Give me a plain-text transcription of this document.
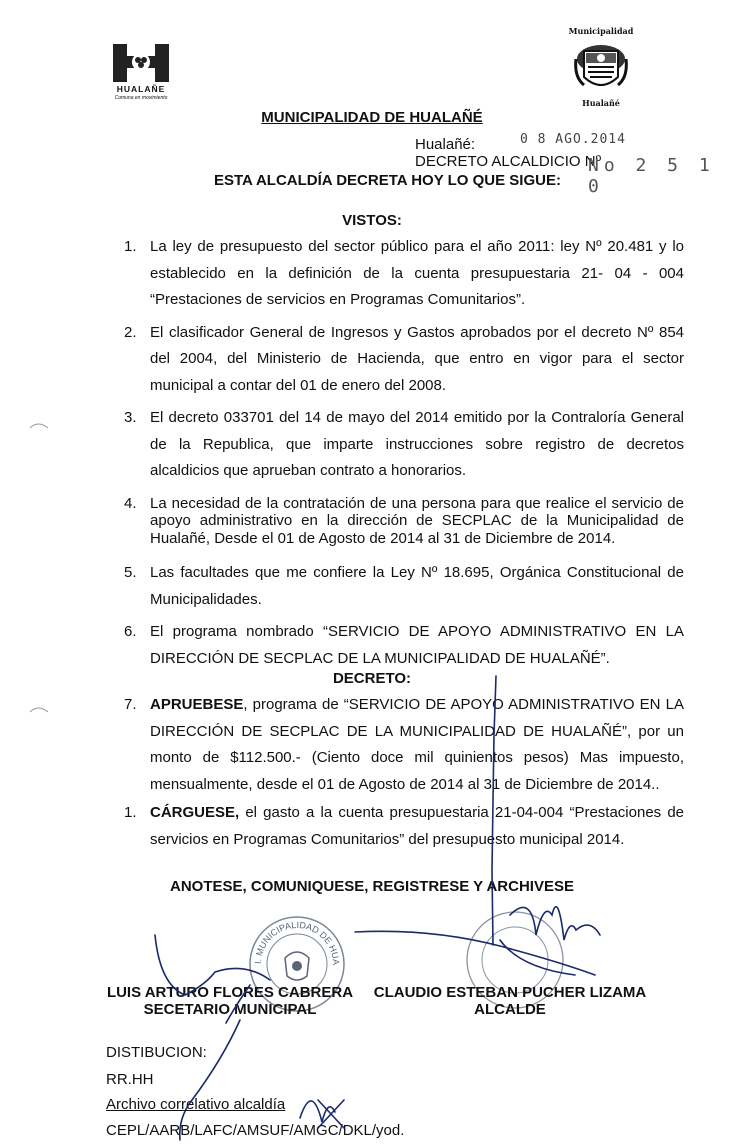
HUALAÑE
Comuna en movimiento
Municipalidad
Hualañé
MUNICIPALIDAD DE HUALAÑÉ
Hualañé:	0 8 AGO.2014
DECRETO ALCALDICIO Nº
No 2 5 1 0
ESTA ALCALDÍA DECRETA HOY LO QUE SIGUE:
VISTOS:
1. La ley de presupuesto del sector público para el año 2011: ley Nº 20.481 y lo establecido en la definición de la cuenta presupuestaria 21- 04 - 004 “Prestaciones de servicios en Programas Comunitarios”.
2. El clasificador General de Ingresos y Gastos aprobados por el decreto Nº 854 del 2004, del Ministerio de Hacienda, que entro en vigor para el sector municipal a contar del 01 de enero del 2008.
3. El decreto 033701 del 14 de mayo del 2014 emitido por la Contraloría General de la Republica, que imparte instrucciones sobre registro de decretos alcaldicios que aprueban contrato a honorarios.
4. La necesidad de la contratación de una persona para que realice el servicio de apoyo administrativo en la dirección de SECPLAC de la Municipalidad de Hualañé, Desde el 01 de Agosto de 2014 al 31 de Diciembre de 2014.
5. Las facultades que me confiere la Ley Nº 18.695, Orgánica Constitucional de Municipalidades.
6. El programa nombrado “SERVICIO DE APOYO ADMINISTRATIVO EN LA DIRECCIÓN DE SECPLAC DE LA MUNICIPALIDAD DE HUALAÑÉ”.
DECRETO:
7. APRUEBESE, programa de “SERVICIO DE APOYO ADMINISTRATIVO EN LA DIRECCIÓN DE SECPLAC DE LA MUNICIPALIDAD DE HUALAÑÉ”, por un monto de $112.500.- (Ciento doce mil quinientos pesos) Mas impuesto, mensualmente, desde el 01 de Agosto de 2014 al 31 de Diciembre de 2014..
1. CÁRGUESE, el gasto a la cuenta presupuestaria 21-04-004 “Prestaciones de servicios en Programas Comunitarios” del presupuesto municipal 2014.
ANOTESE, COMUNIQUESE, REGISTRESE Y ARCHIVESE
I. MUNICIPALIDAD DE HUA
LUIS ARTURO FLORES CABRERA
SECETARIO MUNICIPAL
CLAUDIO ESTEBAN PUCHER LIZAMA
ALCALDE
DISTIBUCION:
RR.HH
Archivo correlativo alcaldía
CEPL/AARB/LAFC/AMSUF/AMGC/DKL/yod.
